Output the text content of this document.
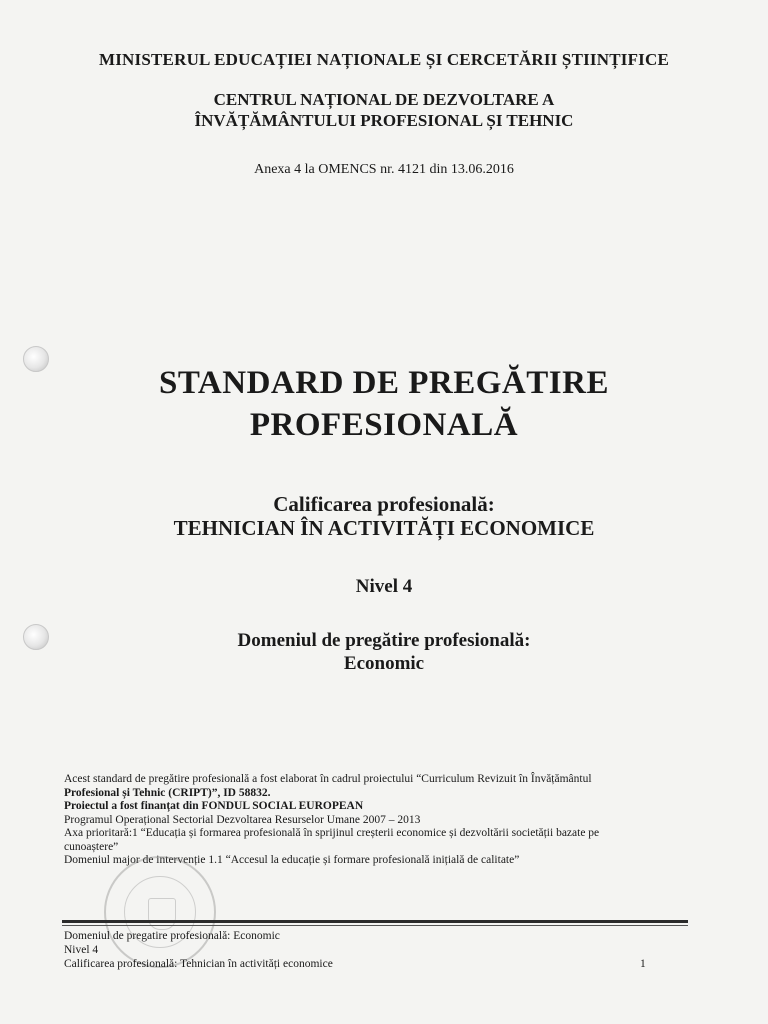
MINISTERUL EDUCAȚIEI NAȚIONALE ȘI CERCETĂRII ȘTIINȚIFICE
CENTRUL NAȚIONAL DE DEZVOLTARE A
ÎNVĂȚĂMÂNTULUI PROFESIONAL ȘI TEHNIC
Anexa 4 la OMENCS nr. 4121 din 13.06.2016
STANDARD DE PREGĂTIRE
PROFESIONALĂ
Calificarea profesională:
TEHNICIAN ÎN ACTIVITĂȚI ECONOMICE
Nivel 4
Domeniul de pregătire profesională:
Economic
Acest standard de pregătire profesională a fost elaborat în cadrul proiectului “Curriculum Revizuit în Învățământul
Profesional și Tehnic (CRIPT)”, ID 58832.
Proiectul a fost finanțat din FONDUL SOCIAL EUROPEAN
Programul Operațional Sectorial Dezvoltarea Resurselor Umane 2007 – 2013
Axa prioritară:1 “Educația și formarea profesională în sprijinul creșterii economice și dezvoltării societății bazate pe
cunoaștere”
Domeniul major de intervenție 1.1 “Accesul la educație și formare profesională inițială de calitate”
Domeniul de pregatire profesională: Economic
Nivel 4
Calificarea profesională: Tehnician în activități economice	1
